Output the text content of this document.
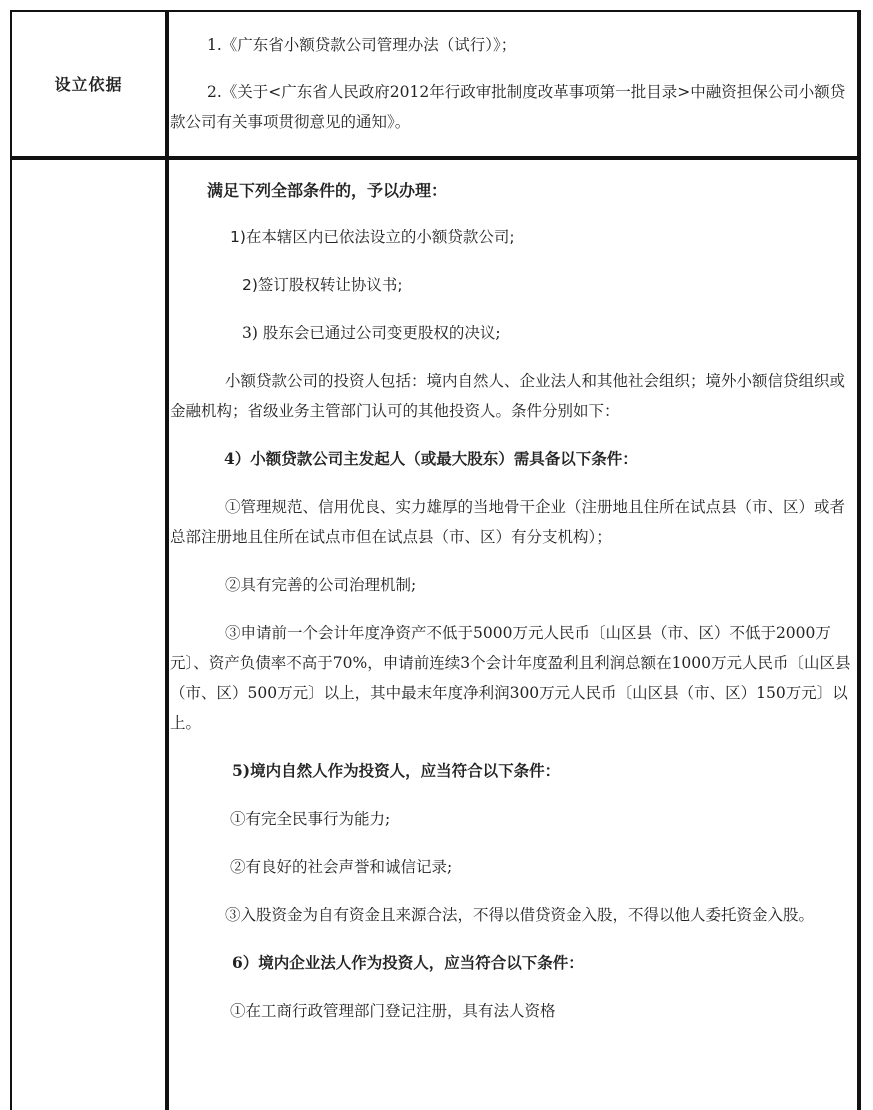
设立依据

1.《广东省小额贷款公司管理办法（试行）》；

2.《关于<广东省人民政府2012年行政审批制度改革事项第一批目录>中融资担保公司小额贷款公司有关事项贯彻意见的通知》。

满足下列全部条件的，予以办理：

1)在本辖区内已依法设立的小额贷款公司;

2)签订股权转让协议书;

3) 股东会已通过公司变更股权的决议;

小额贷款公司的投资人包括：境内自然人、企业法人和其他社会组织；境外小额信贷组织或金融机构；省级业务主管部门认可的其他投资人。条件分别如下：

4）小额贷款公司主发起人（或最大股东）需具备以下条件：

①管理规范、信用优良、实力雄厚的当地骨干企业（注册地且住所在试点县（市、区）或者总部注册地且住所在试点市但在试点县（市、区）有分支机构）；

②具有完善的公司治理机制;

③申请前一个会计年度净资产不低于5000万元人民币〔山区县（市、区）不低于2000万元〕、资产负债率不高于70%，申请前连续3个会计年度盈利且利润总额在1000万元人民币〔山区县（市、区）500万元〕以上，其中最末年度净利润300万元人民币〔山区县（市、区）150万元〕以上。

5)境内自然人作为投资人，应当符合以下条件：

①有完全民事行为能力;

②有良好的社会声誉和诚信记录;

③入股资金为自有资金且来源合法，不得以借贷资金入股，不得以他人委托资金入股。

6）境内企业法人作为投资人，应当符合以下条件：

①在工商行政管理部门登记注册，具有法人资格
